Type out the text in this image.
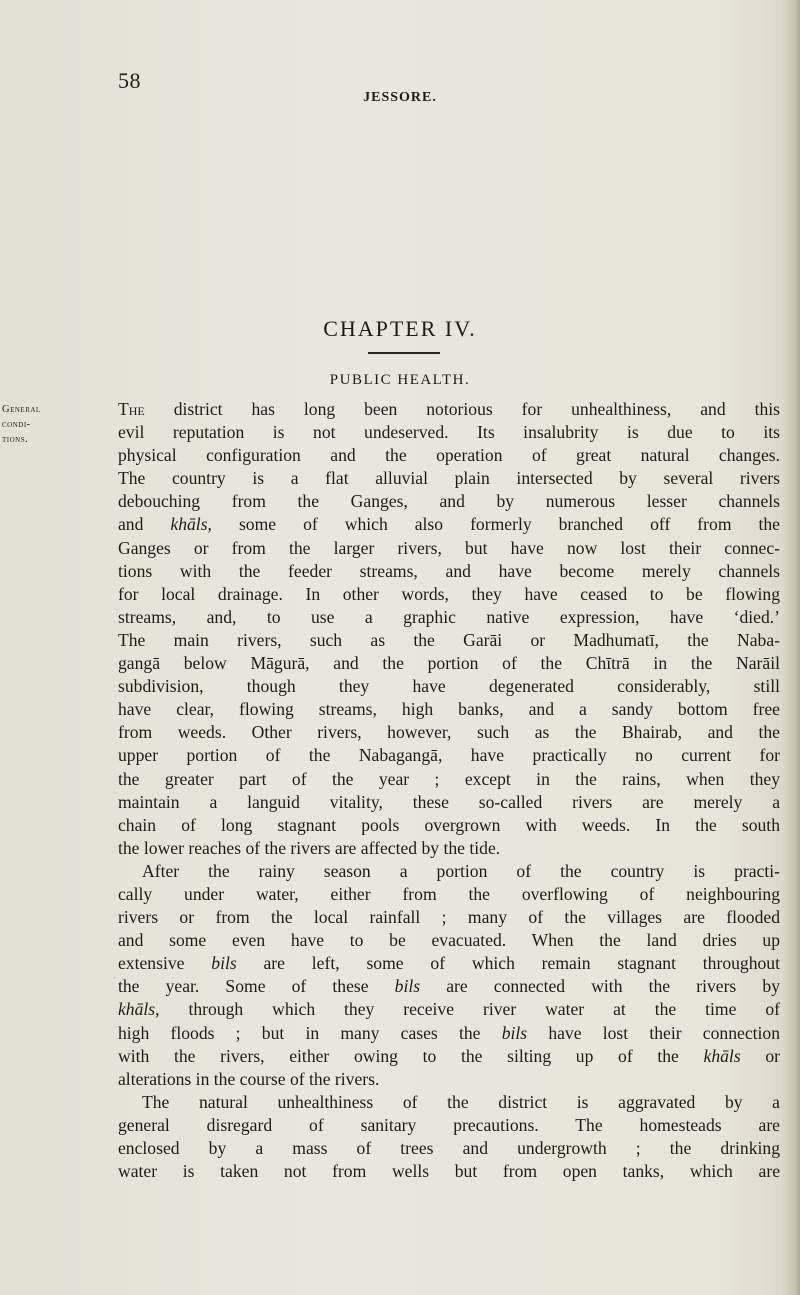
58
JESSORE.
CHAPTER IV.
PUBLIC HEALTH.
General
condi-
tions.
The district has long been notorious for unhealthiness, and this
evil reputation is not undeserved. Its insalubrity is due to its
physical configuration and the operation of great natural changes.
The country is a flat alluvial plain intersected by several rivers
debouching from the Ganges, and by numerous lesser channels
and khāls, some of which also formerly branched off from the
Ganges or from the larger rivers, but have now lost their connec-
tions with the feeder streams, and have become merely channels
for local drainage. In other words, they have ceased to be flowing
streams, and, to use a graphic native expression, have ‘died.’
The main rivers, such as the Garāi or Madhumatī, the Naba-
gangā below Māgurā, and the portion of the Chītrā in the Narāil
subdivision, though they have degenerated considerably, still
have clear, flowing streams, high banks, and a sandy bottom free
from weeds. Other rivers, however, such as the Bhairab, and the
upper portion of the Nabagangā, have practically no current for
the greater part of the year ; except in the rains, when they
maintain a languid vitality, these so-called rivers are merely a
chain of long stagnant pools overgrown with weeds. In the south
the lower reaches of the rivers are affected by the tide.
After the rainy season a portion of the country is practi-
cally under water, either from the overflowing of neighbouring
rivers or from the local rainfall ; many of the villages are flooded
and some even have to be evacuated. When the land dries up
extensive bils are left, some of which remain stagnant throughout
the year. Some of these bils are connected with the rivers by
khāls, through which they receive river water at the time of
high floods ; but in many cases the bils have lost their connection
with the rivers, either owing to the silting up of the khāls or
alterations in the course of the rivers.
The natural unhealthiness of the district is aggravated by a
general disregard of sanitary precautions. The homesteads are
enclosed by a mass of trees and undergrowth ; the drinking
water is taken not from wells but from open tanks, which are
